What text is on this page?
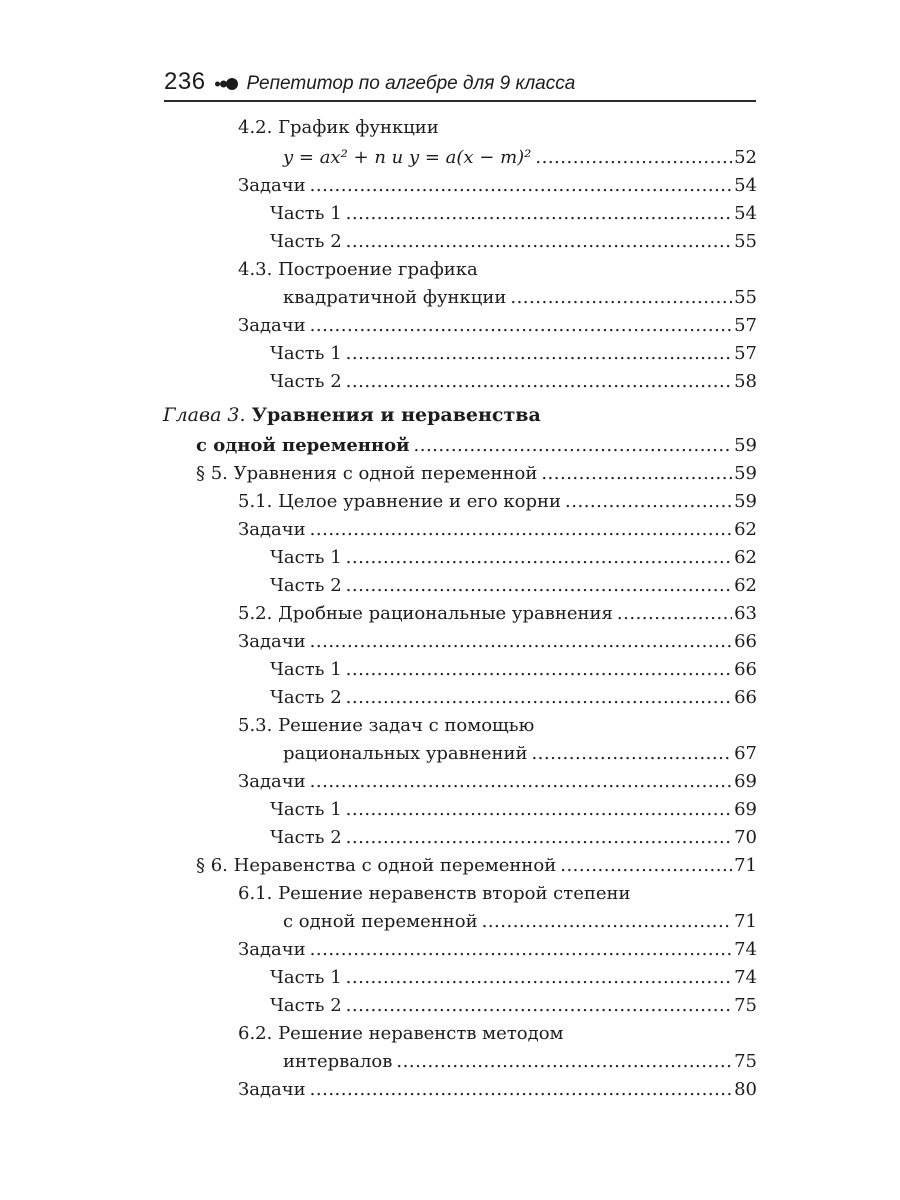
236 Репетитор по алгебре для 9 класса
4.2. График функции
y = ax² + n и y = a(x − m)² .....	52
Задачи .....	54
Часть 1 .....	54
Часть 2 .....	55
4.3. Построение графика
квадратичной функции .....	55
Задачи .....	57
Часть 1 .....	57
Часть 2 .....	58
Глава 3. Уравнения и неравенства
с одной переменной .....	59
§ 5. Уравнения с одной переменной .....	59
5.1. Целое уравнение и его корни .....	59
Задачи .....	62
Часть 1 .....	62
Часть 2 .....	62
5.2. Дробные рациональные уравнения .....	63
Задачи .....	66
Часть 1 .....	66
Часть 2 .....	66
5.3. Решение задач с помощью
рациональных уравнений .....	67
Задачи .....	69
Часть 1 .....	69
Часть 2 .....	70
§ 6. Неравенства с одной переменной .....	71
6.1. Решение неравенств второй степени
с одной переменной .....	71
Задачи .....	74
Часть 1 .....	74
Часть 2 .....	75
6.2. Решение неравенств методом
интервалов .....	75
Задачи .....	80
